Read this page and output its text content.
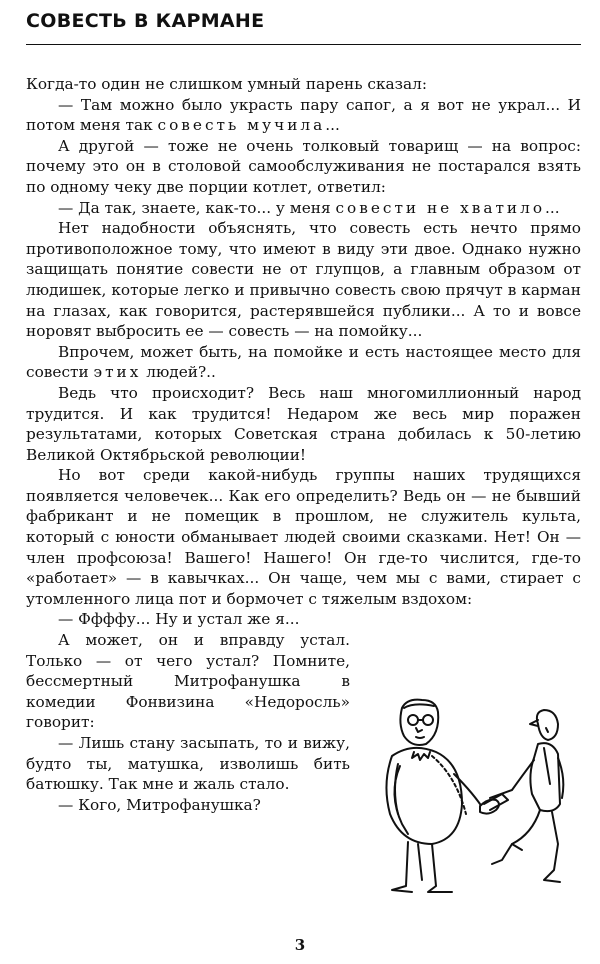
СОВЕСТЬ В КАРМАНЕ

Когда-то один не слишком умный парень сказал:

— Там можно было украсть пару сапог, а я вот не украл... И потом меня так совесть мучила...

А другой — тоже не очень толковый товарищ — на вопрос: почему это он в столовой самообслуживания не постарался взять по одному чеку две порции котлет, ответил:

— Да так, знаете, как-то... у меня совести не хватило...

Нет надобности объяснять, что совесть есть нечто прямо противоположное тому, что имеют в виду эти двое. Однако нужно защищать понятие совести не от глупцов, а главным образом от людишек, которые легко и привычно совесть свою прячут в карман на глазах, как говорится, растерявшейся публики... А то и вовсе норовят выбросить ее — совесть — на помойку...

Впрочем, может быть, на помойке и есть настоящее место для совести этих людей?..

Ведь что происходит? Весь наш многомиллионный народ трудится. И как трудится! Недаром же весь мир поражен результатами, которых Советская страна добилась к 50-летию Великой Октябрьской революции!

Но вот среди какой-нибудь группы наших трудящихся появляется человечек... Как его определить? Ведь он — не бывший фабрикант и не помещик в прошлом, не служитель культа, который с юности обманывает людей своими сказками. Нет! Он — член профсоюза! Вашего! Нашего! Он где-то числится, где-то «работает» — в кавычках... Он чаще, чем мы с вами, стирает с утомленного лица пот и бормочет с тяжелым вздохом:

— Ффффу... Ну и устал же я...

А может, он и вправду устал. Только — от чего устал? Помните, бессмертный Митрофанушка в комедии Фонвизина «Недоросль» говорит:

— Лишь стану засыпать, то и вижу, будто ты, матушка, изволишь бить батюшку. Так мне и жаль стало.

— Кого, Митрофанушка?

3
